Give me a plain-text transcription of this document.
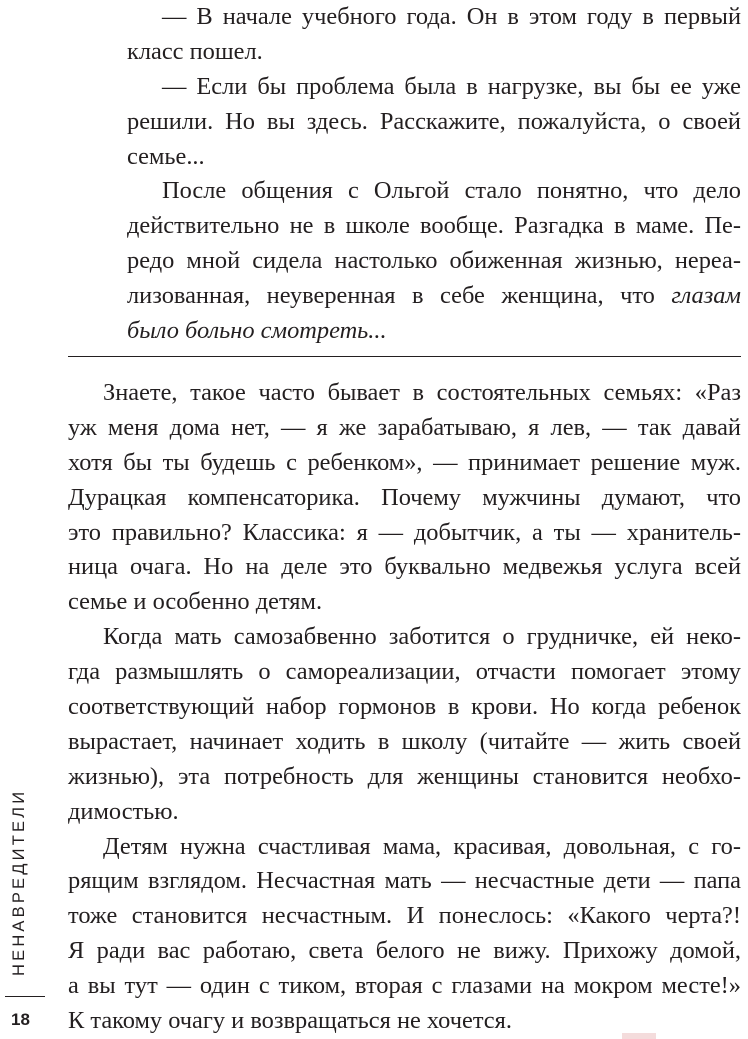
— В начале учебного года. Он в этом году в первый
класс пошел.
— Если бы проблема была в нагрузке, вы бы ее уже
решили. Но вы здесь. Расскажите, пожалуйста, о своей
семье...
После общения с Ольгой стало понятно, что дело
действительно не в школе вообще. Разгадка в маме. Пе-
редо мной сидела настолько обиженная жизнью, нереа-
лизованная, неуверенная в себе женщина, что глазам
было больно смотреть...
Знаете, такое часто бывает в состоятельных семьях: «Раз
уж меня дома нет, — я же зарабатываю, я лев, — так давай
хотя бы ты будешь с ребенком», — принимает решение муж.
Дурацкая компенсаторика. Почему мужчины думают, что
это правильно? Классика: я — добытчик, а ты — хранитель-
ница очага. Но на деле это буквально медвежья услуга всей
семье и особенно детям.
Когда мать самозабвенно заботится о грудничке, ей неко-
гда размышлять о самореализации, отчасти помогает этому
соответствующий набор гормонов в крови. Но когда ребенок
вырастает, начинает ходить в школу (читайте — жить своей
жизнью), эта потребность для женщины становится необхо-
димостью.
Детям нужна счастливая мама, красивая, довольная, с го-
рящим взглядом. Несчастная мать — несчастные дети — папа
тоже становится несчастным. И понеслось: «Какого черта?!
Я ради вас работаю, света белого не вижу. Прихожу домой,
а вы тут — один с тиком, вторая с глазами на мокром месте!»
К такому очагу и возвращаться не хочется.
НЕНАВРЕДИТЕЛИ
18
